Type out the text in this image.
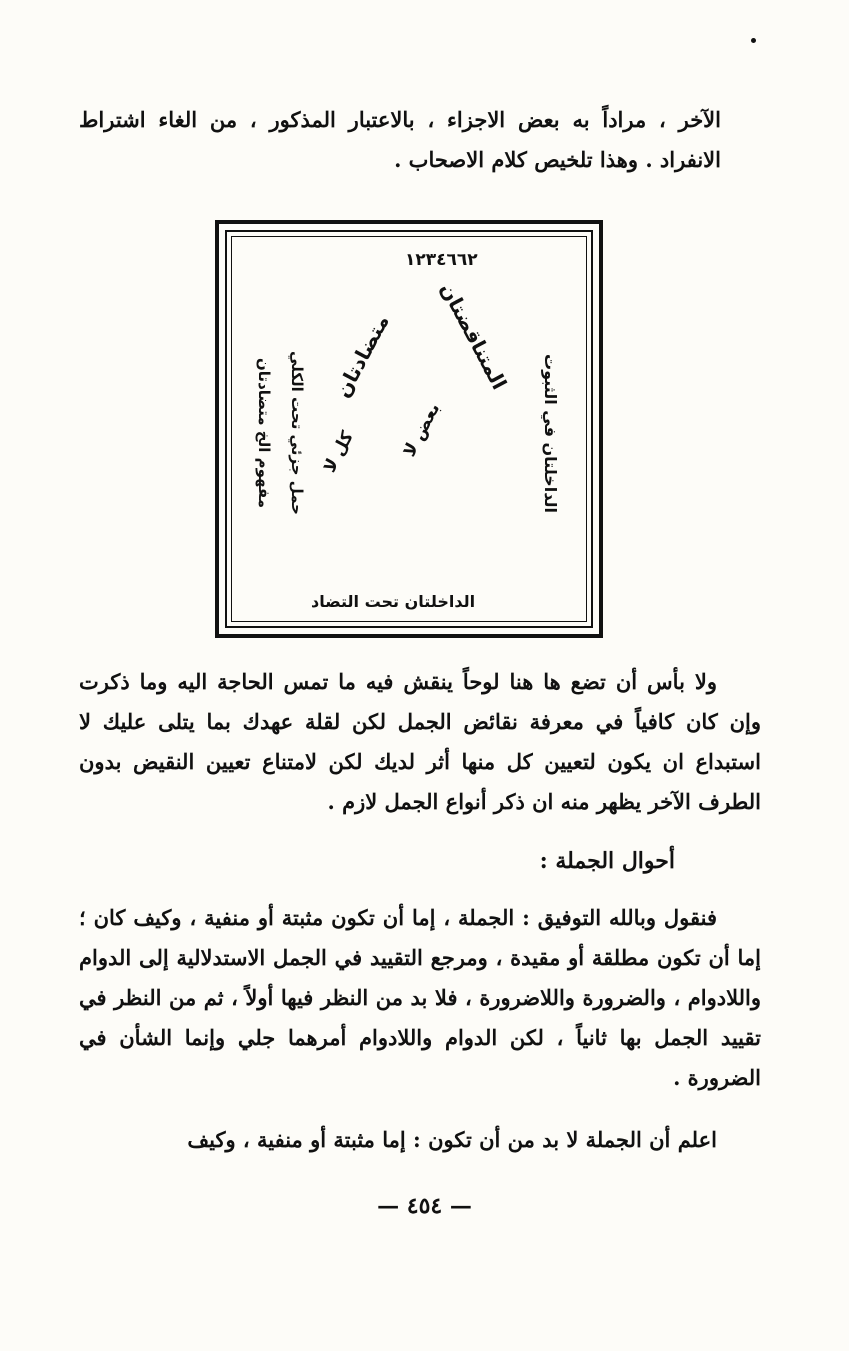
الآخر ، مراداً به بعض الاجزاء ، بالاعتبار المذكور ، من الغاء اشتراط الانفراد . وهذا تلخيص كلام الاصحاب .

١٢٣٤٦٦٢
الداخلتان في الثبوت
مفهوم الخ متضادتان حمل جزئي تحت الكلي
المتناقضتان
متضادتان
بعض لا
كل لا
الداخلتان تحت التضاد

ولا بأس أن تضع ها هنا لوحاً ينقش فيه ما تمس الحاجة اليه وما ذكرت وإن كان كافياً في معرفة نقائض الجمل لكن لقلة عهدك بما يتلى عليك لا استبداع ان يكون لتعيين كل منها أثر لديك لكن لامتناع تعيين النقيض بدون الطرف الآخر يظهر منه ان ذكر أنواع الجمل لازم .

أحوال الجملة :

فنقول وبالله التوفيق : الجملة ، إما أن تكون مثبتة أو منفية ، وكيف كان ؛ إما أن تكون مطلقة أو مقيدة ، ومرجع التقييد في الجمل الاستدلالية إلى الدوام واللادوام ، والضرورة واللاضرورة ، فلا بد من النظر فيها أولاً ، ثم من النظر في تقييد الجمل بها ثانياً ، لكن الدوام واللادوام أمرهما جلي وإنما الشأن في الضرورة .

اعلم أن الجملة لا بد من أن تكون : إما مثبتة أو منفية ، وكيف

— ٤٥٤ —
